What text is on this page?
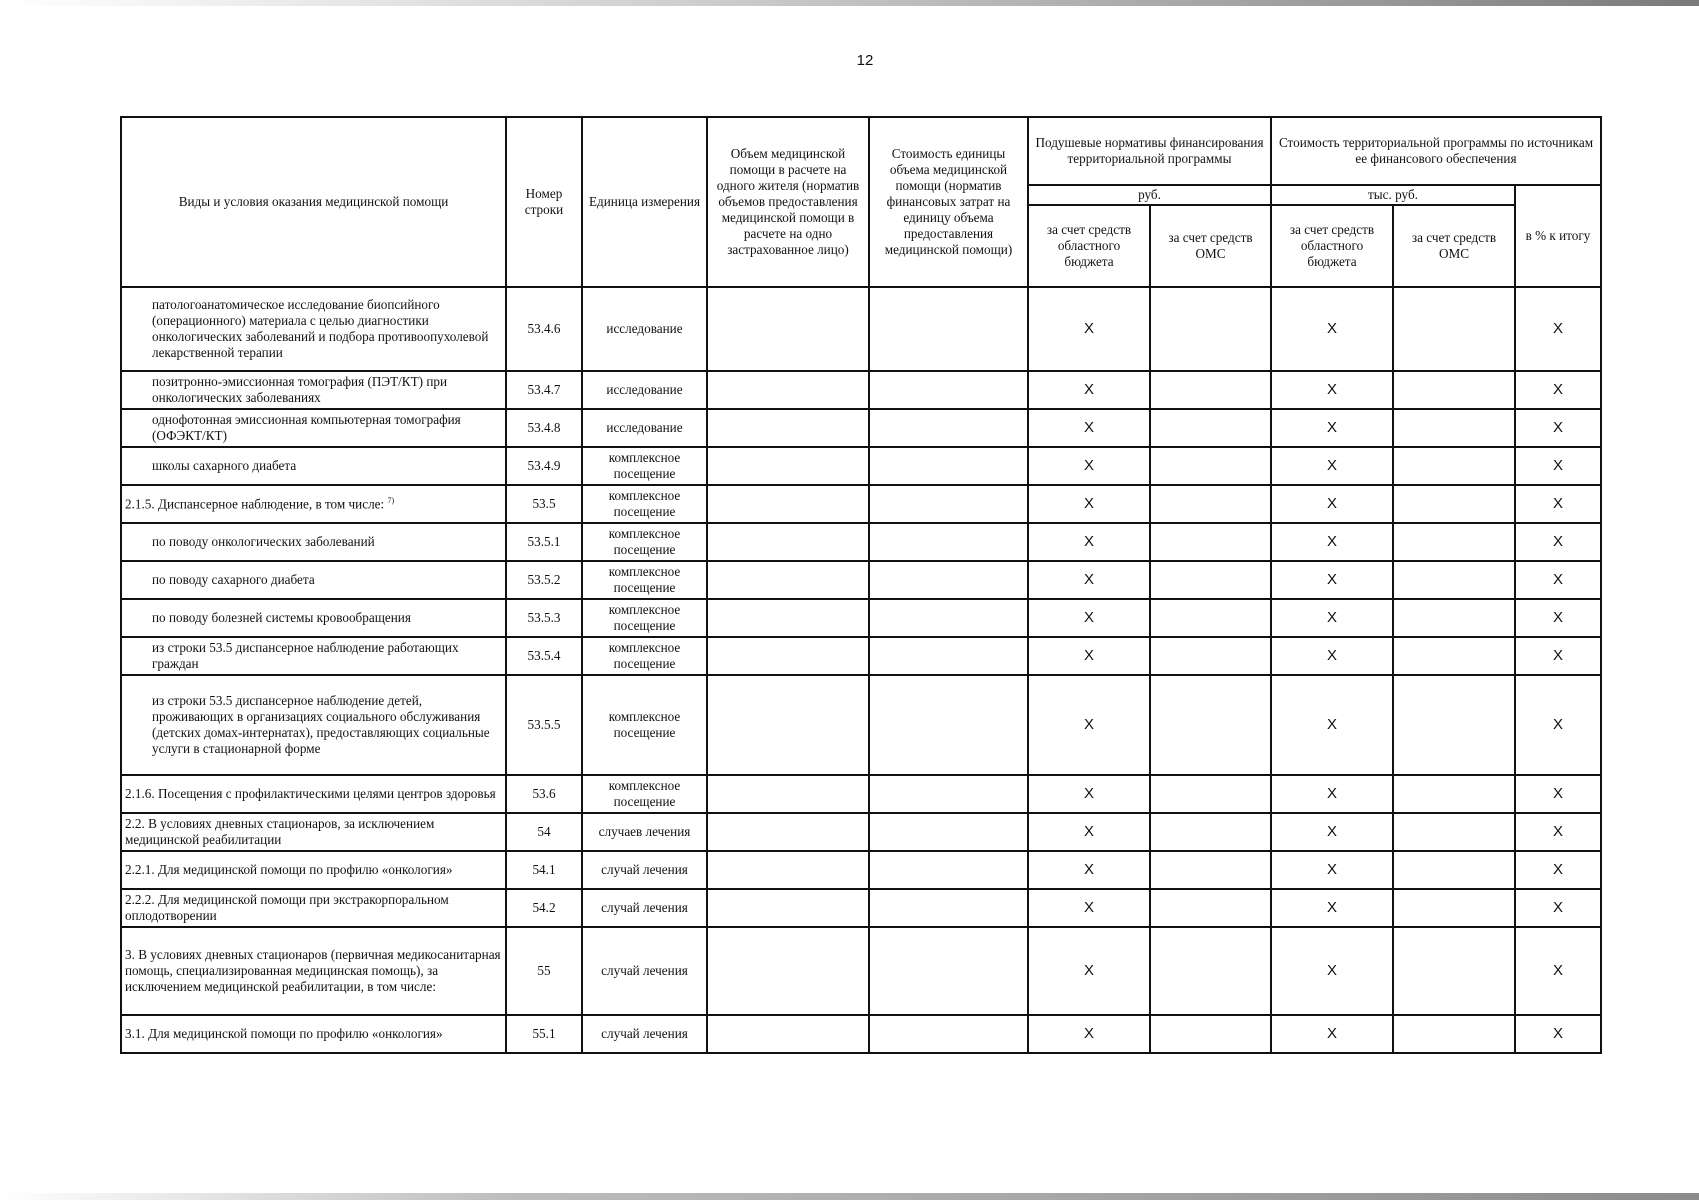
12
Виды и условия оказания медицинской помощи	Номер строки	Единица измерения	Объем медицинской помощи в расчете на одного жителя (норматив объемов предоставления медицинской помощи в расчете на одно застрахованное лицо)	Стоимость единицы объема медицинской помощи (норматив финансовых затрат на единицу объема предоставления медицинской помощи)	Подушевые нормативы финансирования территориальной программы		Стоимость территориальной программы по источникам ее финансового обеспечения		
					руб.		тыс. руб.		в % к итогу
					за счет средств областного бюджета	за счет средств ОМС	за счет средств областного бюджета	за счет средств ОМС	
патологоанатомическое исследование биопсийного (операционного) материала с целью диагностики онкологических заболеваний и подбора противоопухолевой лекарственной терапии	53.4.6	исследование			X		X		X
позитронно-эмиссионная томография (ПЭТ/КТ) при онкологических заболеваниях	53.4.7	исследование			X		X		X
однофотонная эмиссионная компьютерная томография (ОФЭКТ/КТ)	53.4.8	исследование			X		X		X
школы сахарного диабета	53.4.9	комплексное посещение			X		X		X
2.1.5. Диспансерное наблюдение, в том числе: $^{7)}$	53.5	комплексное посещение			X		X		X
по поводу онкологических заболеваний	53.5.1	комплексное посещение			X		X		X
по поводу сахарного диабета	53.5.2	комплексное посещение			X		X		X
по поводу болезней системы кровообращения	53.5.3	комплексное посещение			X		X		X
из строки 53.5 диспансерное наблюдение работающих граждан	53.5.4	комплексное посещение			X		X		X
из строки 53.5 диспансерное наблюдение детей, проживающих в организациях социального обслуживания (детских домах-интернатах), предоставляющих социальные услуги в стационарной форме	53.5.5	комплексное посещение			X		X		X
2.1.6. Посещения с профилактическими целями центров здоровья	53.6	комплексное посещение			X		X		X
2.2. В условиях дневных стационаров, за исключением медицинской реабилитации	54	случаев лечения			X		X		X
2.2.1. Для медицинской помощи по профилю «онкология»	54.1	случай лечения			X		X		X
2.2.2. Для медицинской помощи при экстракорпоральном оплодотворении	54.2	случай лечения			X		X		X
3. В условиях дневных стационаров (первичная медикосанитарная помощь, специализированная медицинская помощь), за исключением медицинской реабилитации, в том числе:	55	случай лечения			X		X		X
3.1. Для медицинской помощи по профилю «онкология»	55.1	случай лечения			X		X		X
